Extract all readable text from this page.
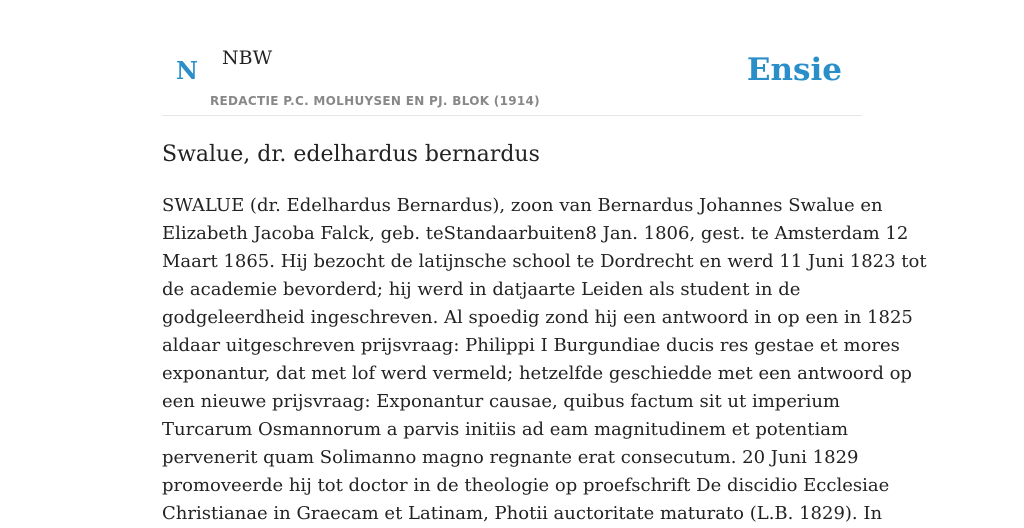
N NBW
REDACTIE P.C. MOLHUYSEN EN PJ. BLOK (1914)
Ensie
Swalue, dr. edelhardus bernardus
SWALUE (dr. Edelhardus Bernardus), zoon van Bernardus Johannes Swalue en
Elizabeth Jacoba Falck, geb. teStandaarbuiten8 Jan. 1806, gest. te Amsterdam 12
Maart 1865. Hij bezocht de latijnsche school te Dordrecht en werd 11 Juni 1823 tot
de academie bevorderd; hij werd in datjaarte Leiden als student in de
godgeleerdheid ingeschreven. Al spoedig zond hij een antwoord in op een in 1825
aldaar uitgeschreven prijsvraag: Philippi I Burgundiae ducis res gestae et mores
exponantur, dat met lof werd vermeld; hetzelfde geschiedde met een antwoord op
een nieuwe prijsvraag: Exponantur causae, quibus factum sit ut imperium
Turcarum Osmannorum a parvis initiis ad eam magnitudinem et potentiam
pervenerit quam Solimanno magno regnante erat consecutum. 20 Juni 1829
promoveerde hij tot doctor in de theologie op proefschrift De discidio Ecclesiae
Christianae in Graecam et Latinam, Photii auctoritate maturato (L.B. 1829). In
